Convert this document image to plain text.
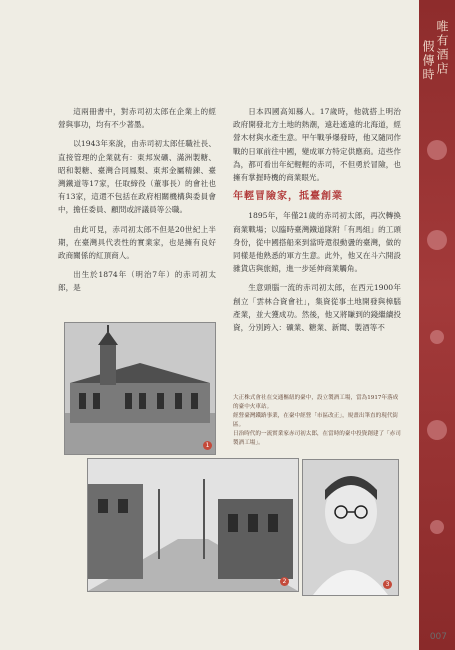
唯有酒店
假傳時

這兩冊書中，對赤司初太郎在企業上的經營與事功，均有不少著墨。

以1943年來說，由赤司初太郎任職社長、直接管理的企業就有：東邦炭礦、滿洲製糖、昭和製糖、臺灣合同鳳梨、東邦金屬精錬、臺灣鐵道等17家，任取締役（董事長）的會社也有13家，這還不包括在政府相關機構與委員會中，擔任委員、顧問或評議員等公職。

由此可見，赤司初太郎不但是20世紀上半期，在臺灣具代表性的實業家，也是擁有良好政商關係的紅頂商人。

出生於1874年（明治7年）的赤司初太郎，是

日本四國高知縣人。17歲時，他就搭上明治政府開發北方土地的熱潮，遠赴遙遠的北海道，經營木材與水產生意。甲午戰爭爆發時，他又隨同作戰的日軍前往中國，變成軍方特定供應商。這些作為，都可看出年紀輕輕的赤司，不但勇於冒險，也擁有掌握時機的商業眼光。

年輕冒險家，抵臺創業

1895年，年僅21歲的赤司初太郎，再次轉換商業戰場；以臨時臺灣鐵道隊附「有馬組」的工頭身份，從中國搭船來到當時還很動盪的臺灣，做的同樣是他熟悉的軍方生意。此外，他又在斗六開設雜貨店與旅館，進一步延伸商業觸角。

生意頭腦一流的赤司初太郎，在西元1900年創立「雲林合資會社」，集資從事土地開發與樟腦產業，並大獲成功。然後，他又將賺到的錢繼續投資，分別跨入：礦業、糖業、新聞、製酒等不

1
大正株式會社在交通樞紐的臺中，設立製酒工場，當為1917年落成的臺中火車站。
經營臺灣鐵路事業，在臺中經營「市區改正」，規畫出筆直的現代街區。
日治時代的一流實業家赤司初太郎，在當時的臺中投資創建了「赤司製酒工場」。
2	3
007
